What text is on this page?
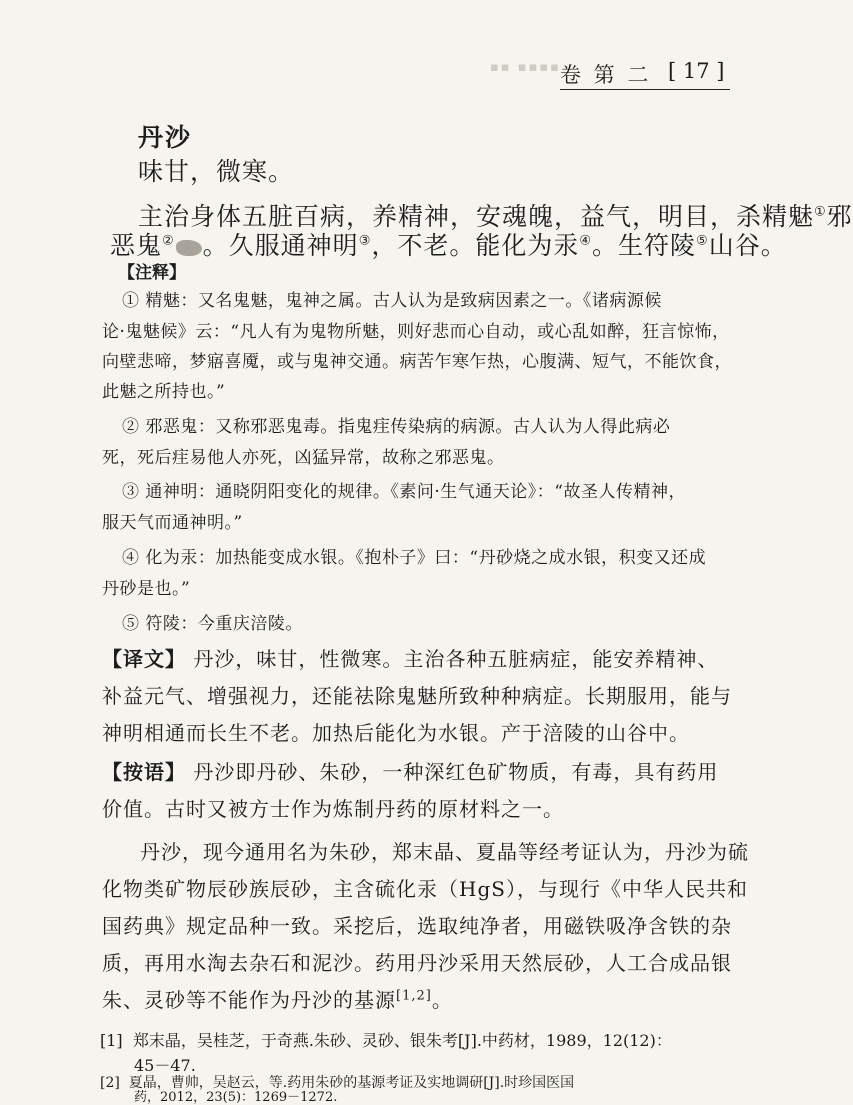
▪▪ ▪▪▪▪ 卷 第 二 [ 17 ]
丹沙
味甘，微寒。
主治身体五脏百病，养精神，安魂魄，益气，明目，杀精魅①邪
恶鬼② 。久服通神明③，不老。能化为汞④。生符陵⑤山谷。
【注释】
① 精魅：又名鬼魅，鬼神之属。古人认为是致病因素之一。《诸病源候
论·鬼魅候》云：“凡人有为鬼物所魅，则好悲而心自动，或心乱如醉，狂言惊怖，
向壁悲啼，梦寤喜魇，或与鬼神交通。病苦乍寒乍热，心腹满、短气，不能饮食，
此魅之所持也。”
② 邪恶鬼：又称邪恶鬼毒。指鬼疰传染病的病源。古人认为人得此病必
死，死后疰易他人亦死，凶猛异常，故称之邪恶鬼。
③ 通神明：通晓阴阳变化的规律。《素问·生气通天论》：“故圣人传精神，
服天气而通神明。”
④ 化为汞：加热能变成水银。《抱朴子》曰：“丹砂烧之成水银，积变又还成
丹砂是也。”
⑤ 符陵：今重庆涪陵。
【译文】 丹沙，味甘，性微寒。主治各种五脏病症，能安养精神、
补益元气、增强视力，还能祛除鬼魅所致种种病症。长期服用，能与
神明相通而长生不老。加热后能化为水银。产于涪陵的山谷中。
【按语】 丹沙即丹砂、朱砂，一种深红色矿物质，有毒，具有药用
价值。古时又被方士作为炼制丹药的原材料之一。
丹沙，现今通用名为朱砂，郑末晶、夏晶等经考证认为，丹沙为硫
化物类矿物辰砂族辰砂，主含硫化汞（HgS），与现行《中华人民共和
国药典》规定品种一致。采挖后，选取纯净者，用磁铁吸净含铁的杂
质，再用水淘去杂石和泥沙。药用丹沙采用天然辰砂，人工合成品银
朱、灵砂等不能作为丹沙的基源[1,2]。
[1] 郑末晶，吴桂芝，于奇燕.朱砂、灵砂、银朱考[J].中药材，1989，12(12)：
45－47.
[2] 夏晶，曹帅，吴赵云，等.药用朱砂的基源考证及实地调研[J].时珍国医国
药，2012，23(5)：1269－1272.
